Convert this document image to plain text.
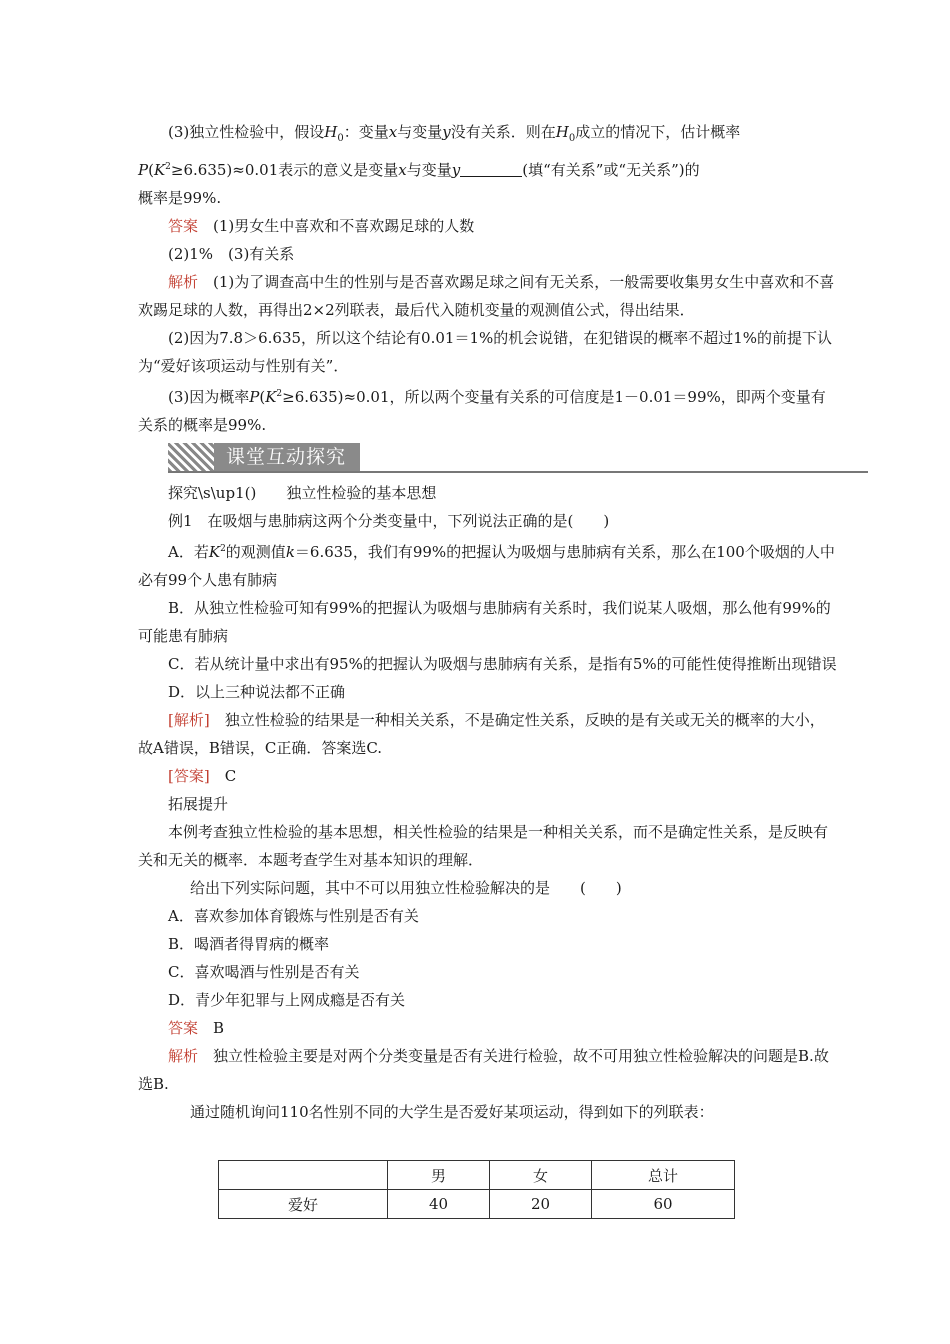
(3)独立性检验中，假设$H_0$：变量x与变量y没有关系．则在$H_0$成立的情况下，估计概率

$P(K^2\ge 6.635)\approx 0.01$表示的意义是变量x与变量y	(填“有关系”或“无关系”)的

概率是99%.

答案　 (1)男女生中喜欢和不喜欢踢足球的人数

(2)1%　(3)有关系

解析　 (1)为了调查高中生的性别与是否喜欢踢足球之间有无关系，一般需要收集男女生中喜欢和不喜欢踢足球的人数，再得出2×2列联表，最后代入随机变量的观测值公式，得出结果．

(2)因为7.8＞6.635，所以这个结论有0.01＝1%的机会说错，在犯错误的概率不超过1%的前提下认为“爱好该项运动与性别有关”．

(3)因为概率$P(K^2\ge 6.635)\approx 0.01$，所以两个变量有关系的可信度是1－0.01＝99%，即两个变量有关系的概率是99%.

课堂互动探究

探究\s\up1()　　独立性检验的基本思想

例1　在吸烟与患肺病这两个分类变量中，下列说法正确的是(　　)

A．若$K^2$的观测值k＝6.635，我们有99%的把握认为吸烟与患肺病有关系，那么在100个吸烟的人中必有99个人患有肺病

B．从独立性检验可知有99%的把握认为吸烟与患肺病有关系时，我们说某人吸烟，那么他有99%的可能患有肺病

C．若从统计量中求出有95%的把握认为吸烟与患肺病有关系，是指有5%的可能性使得推断出现错误

D．以上三种说法都不正确

[解析]　 独立性检验的结果是一种相关关系，不是确定性关系，反映的是有关或无关的概率的大小，故A错误，B错误，C正确．答案选C.

[答案]　 C

拓展提升

本例考查独立性检验的基本思想，相关性检验的结果是一种相关关系，而不是确定性关系，是反映有关和无关的概率．本题考查学生对基本知识的理解．

给出下列实际问题，其中不可以用独立性检验解决的是　　(　　)

A．喜欢参加体育锻炼与性别是否有关

B．喝酒者得胃病的概率

C．喜欢喝酒与性别是否有关

D．青少年犯罪与上网成瘾是否有关

答案　 B

解析　 独立性检验主要是对两个分类变量是否有关进行检验，故不可用独立性检验解决的问题是B.故选B.

通过随机询问110名性别不同的大学生是否爱好某项运动，得到如下的列联表：

	男	女	总计
爱好	40	20	60
